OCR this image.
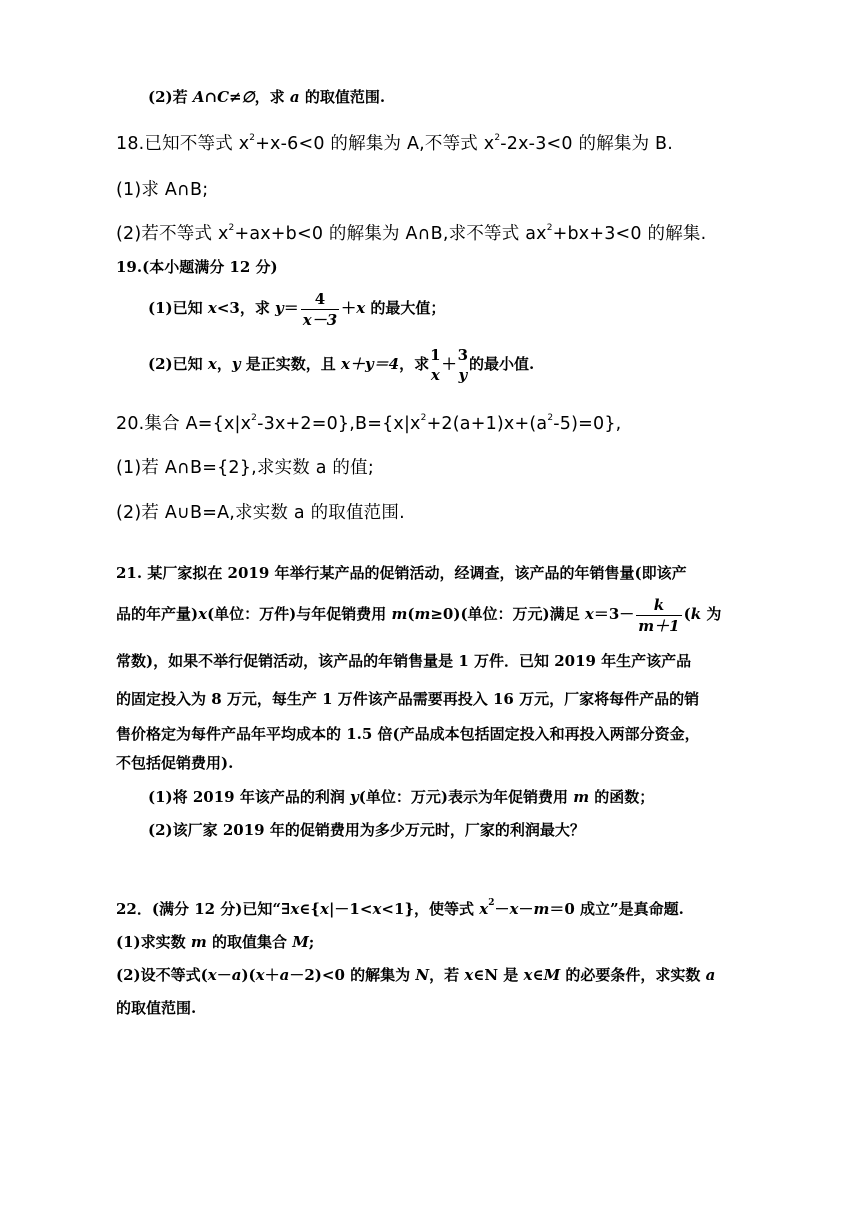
(2)若 A∩C≠∅，求 a 的取值范围.
18.已知不等式 $x^2+x-6<0$ 的解集为 A,不等式 $x^2-2x-3<0$ 的解集为 B.
(1)求 A∩B;
(2)若不等式 $x^2+ax+b<0$ 的解集为 A∩B,求不等式 $ax^2+bx+3<0$ 的解集.
19.(本小题满分 12 分)
(1)已知 x<3，求 $y= \frac{4}{x-3} +x$ 的最大值；
(2)已知 x，y 是正实数，且 x＋y＝4，求 1
x
＋ 3
y
的最小值.
20.集合 $A=\{x|x^2-3x+2=0\},B=\{x|x^2+2(a+1)x+(a^2-5)=0\}$,
(1)若 A∩B={2},求实数 a 的值;
(2)若 A∪B=A,求实数 a 的取值范围.
21. 某厂家拟在 2019 年举行某产品的促销活动，经调查，该产品的年销售量(即该产
品的年产量)x(单位：万件)与年促销费用 m(m≥0)(单位：万元)满足 $x=3- \frac{k}{m+1} (k$ 为
常数)，如果不举行促销活动，该产品的年销售量是 1 万件．已知 2019 年生产该产品
的固定投入为 8 万元，每生产 1 万件该产品需要再投入 16 万元，厂家将每件产品的销
售价格定为每件产品年平均成本的 1.5 倍(产品成本包括固定投入和再投入两部分资金，
不包括促销费用).
(1)将 2019 年该产品的利润 y(单位：万元)表示为年促销费用 m 的函数；
(2)该厂家 2019 年的促销费用为多少万元时，厂家的利润最大？
22．(满分 12 分)已知“∃x∈{x|－1<x<1}，使等式 $x^2-x-m=0$ 成立”是真命题.
(1)求实数 m 的取值集合 M;
(2)设不等式(x－a)(x＋a－2)<0 的解集为 N，若 x∈N 是 x∈M 的必要条件，求实数 a
的取值范围.
